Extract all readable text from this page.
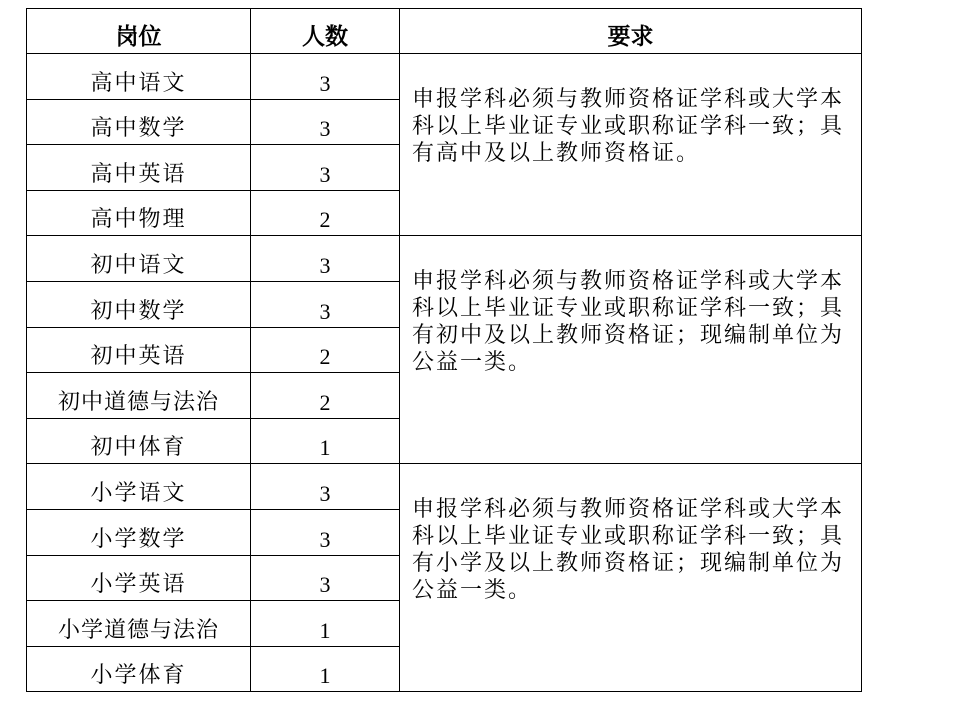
岗位	人数	要求
高中语文	3	申报学科必须与教师资格证学科或大学本科以上毕业证专业或职称证学科一致；具有高中及以上教师资格证。
高中数学	3	
高中英语	3	
高中物理	2	
初中语文	3	申报学科必须与教师资格证学科或大学本科以上毕业证专业或职称证学科一致；具有初中及以上教师资格证；现编制单位为公益一类。
初中数学	3	
初中英语	2	
初中道德与法治	2	
初中体育	1	
小学语文	3	申报学科必须与教师资格证学科或大学本科以上毕业证专业或职称证学科一致；具有小学及以上教师资格证；现编制单位为公益一类。
小学数学	3	
小学英语	3	
小学道德与法治	1	
小学体育	1	
